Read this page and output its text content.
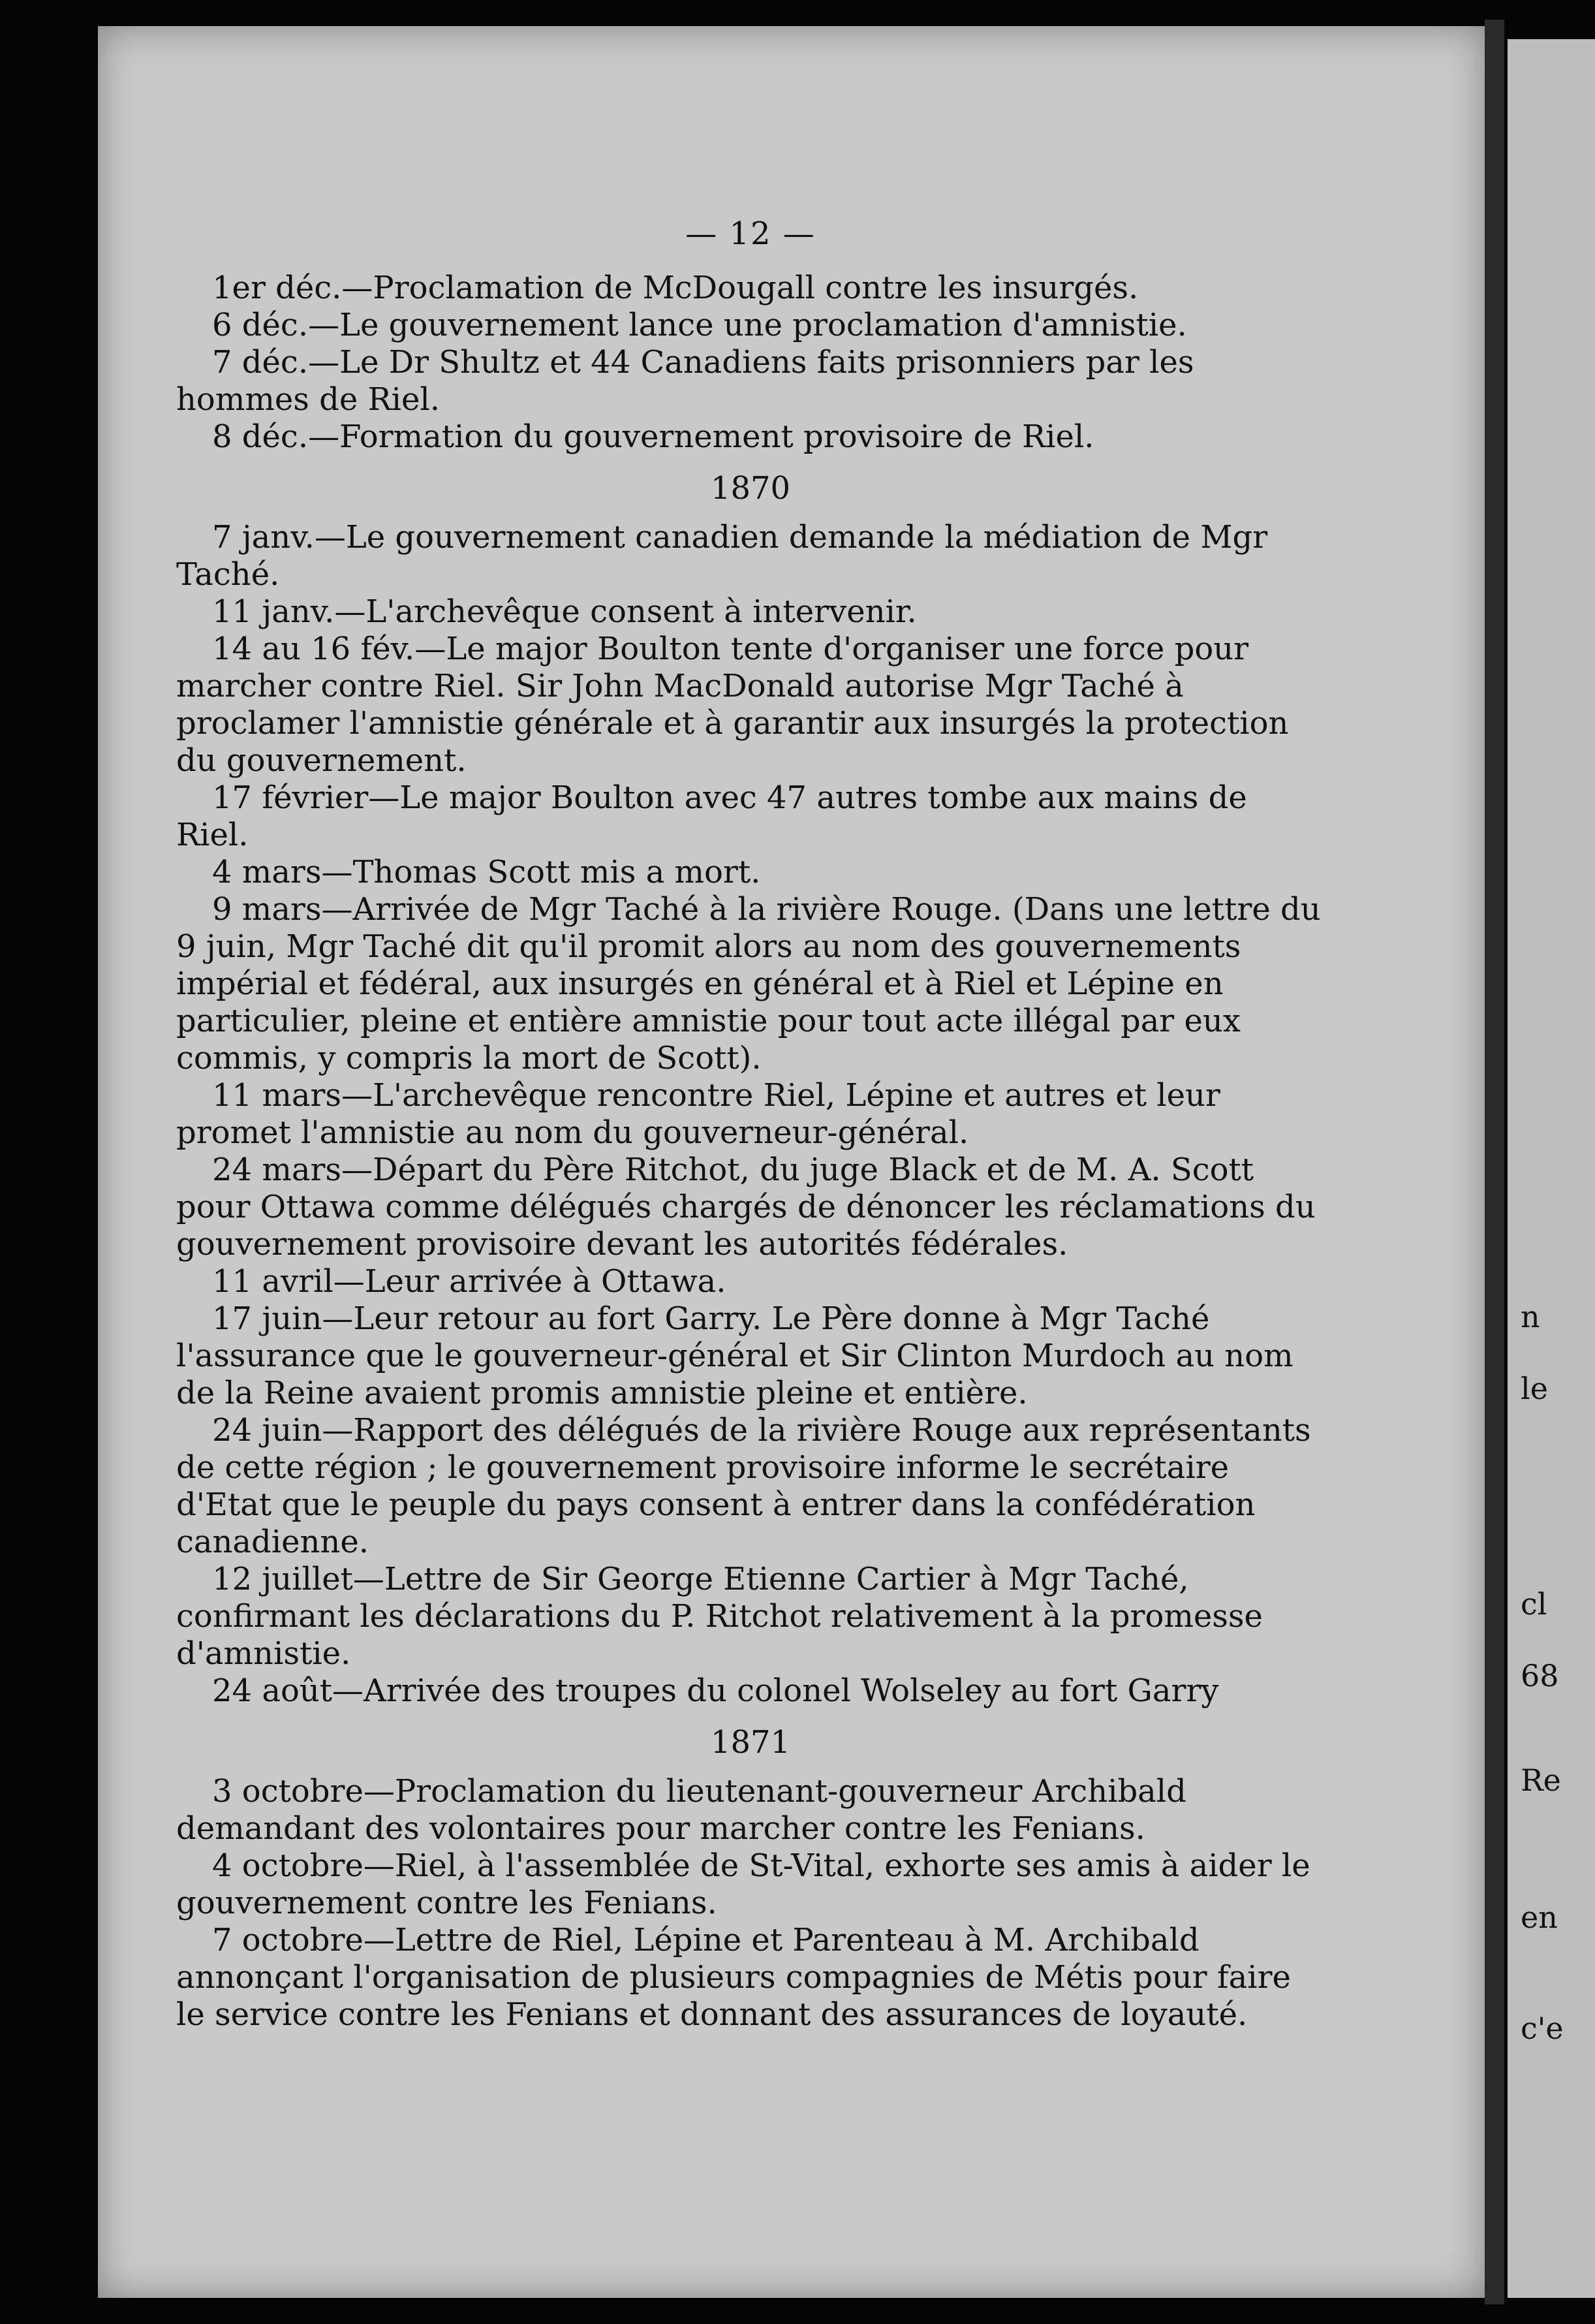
n
le
cl
68
Re
en
c'e
— 12 —

1er déc.—Proclamation de McDougall contre les insurgés.

6 déc.—Le gouvernement lance une proclamation d'amnistie.

7 déc.—Le Dr Shultz et 44 Canadiens faits prisonniers par les hommes de Riel.

8 déc.—Formation du gouvernement provisoire de Riel.

1870

7 janv.—Le gouvernement canadien demande la médiation de Mgr Taché.

11 janv.—L'archevêque consent à intervenir.

14 au 16 fév.—Le major Boulton tente d'organiser une force pour marcher contre Riel. Sir John MacDonald autorise Mgr Taché à proclamer l'amnistie générale et à garantir aux insurgés la protection du gouvernement.

17 février—Le major Boulton avec 47 autres tombe aux mains de Riel.

4 mars—Thomas Scott mis a mort.

9 mars—Arrivée de Mgr Taché à la rivière Rouge. (Dans une lettre du 9 juin, Mgr Taché dit qu'il promit alors au nom des gouvernements impérial et fédéral, aux insurgés en général et à Riel et Lépine en particulier, pleine et entière amnistie pour tout acte illégal par eux commis, y compris la mort de Scott).

11 mars—L'archevêque rencontre Riel, Lépine et autres et leur promet l'amnistie au nom du gouverneur-général.

24 mars—Départ du Père Ritchot, du juge Black et de M. A. Scott pour Ottawa comme délégués chargés de dénoncer les réclamations du gouvernement provisoire devant les autorités fédérales.

11 avril—Leur arrivée à Ottawa.

17 juin—Leur retour au fort Garry. Le Père donne à Mgr Taché l'assurance que le gouverneur-général et Sir Clinton Murdoch au nom de la Reine avaient promis amnistie pleine et entière.

24 juin—Rapport des délégués de la rivière Rouge aux représentants de cette région ; le gouvernement provisoire informe le secrétaire d'Etat que le peuple du pays consent à entrer dans la confédération canadienne.

12 juillet—Lettre de Sir George Etienne Cartier à Mgr Taché, confirmant les déclarations du P. Ritchot relativement à la promesse d'amnistie.

24 août—Arrivée des troupes du colonel Wolseley au fort Garry

1871

3 octobre—Proclamation du lieutenant-gouverneur Archibald demandant des volontaires pour marcher contre les Fenians.

4 octobre—Riel, à l'assemblée de St-Vital, exhorte ses amis à aider le gouvernement contre les Fenians.

7 octobre—Lettre de Riel, Lépine et Parenteau à M. Archibald annonçant l'organisation de plusieurs compagnies de Métis pour faire le service contre les Fenians et donnant des assurances de loyauté.
